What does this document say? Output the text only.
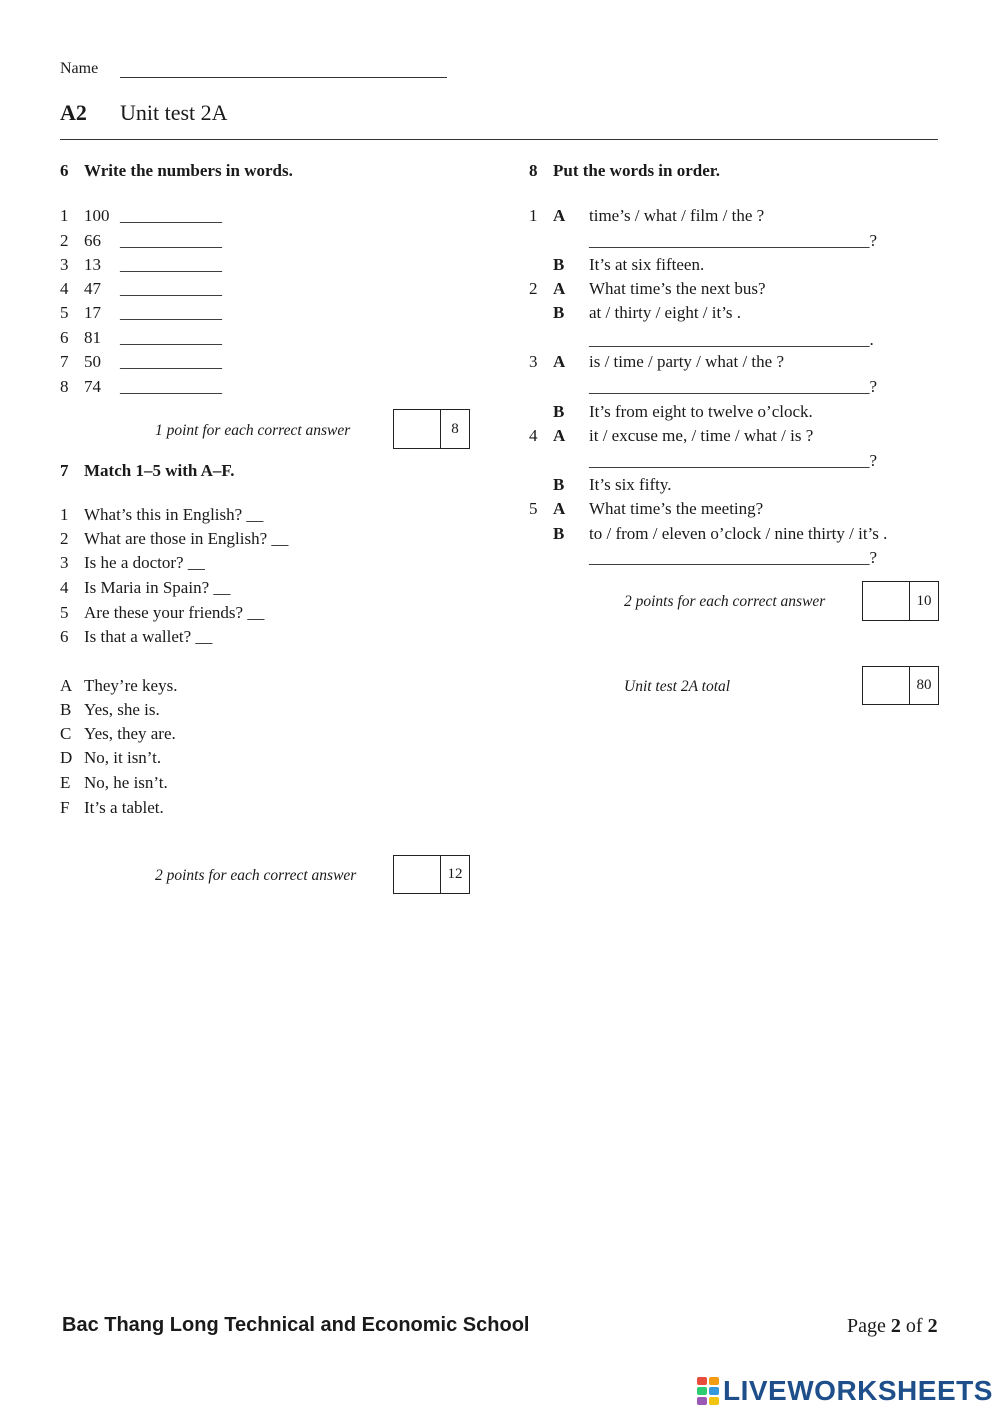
Name
A2 Unit test 2A
6 Write the numbers in words.
1 100 ____________
2 66 ____________
3 13 ____________
4 47 ____________
5 17 ____________
6 81 ____________
7 50 ____________
8 74 ____________
1 point for each correct answer	8
7 Match 1–5 with A–F.
1 What’s this in English? __
2 What are those in English? __
3 Is he a doctor? __
4 Is Maria in Spain? __
5 Are these your friends? __
6 Is that a wallet? __
A They’re keys.
B Yes, she is.
C Yes, they are.
D No, it isn’t.
E No, he isn’t.
F It’s a tablet.
2 points for each correct answer	12
8 Put the words in order.
1 A time’s / what / film / the ?
_________________________________?
B It’s at six fifteen.
2 A What time’s the next bus?
B at / thirty / eight / it’s .
_________________________________.
3 A is / time / party / what / the ?
_________________________________?
B It’s from eight to twelve o’clock.
4 A it / excuse me, / time / what / is ?
_________________________________?
B It’s six fifty.
5 A What time’s the meeting?
B to / from / eleven o’clock / nine thirty / it’s .
_________________________________?
2 points for each correct answer	10
Unit test 2A total	80
Bac Thang Long Technical and Economic School	Page 2 of 2
LIVEWORKSHEETS
